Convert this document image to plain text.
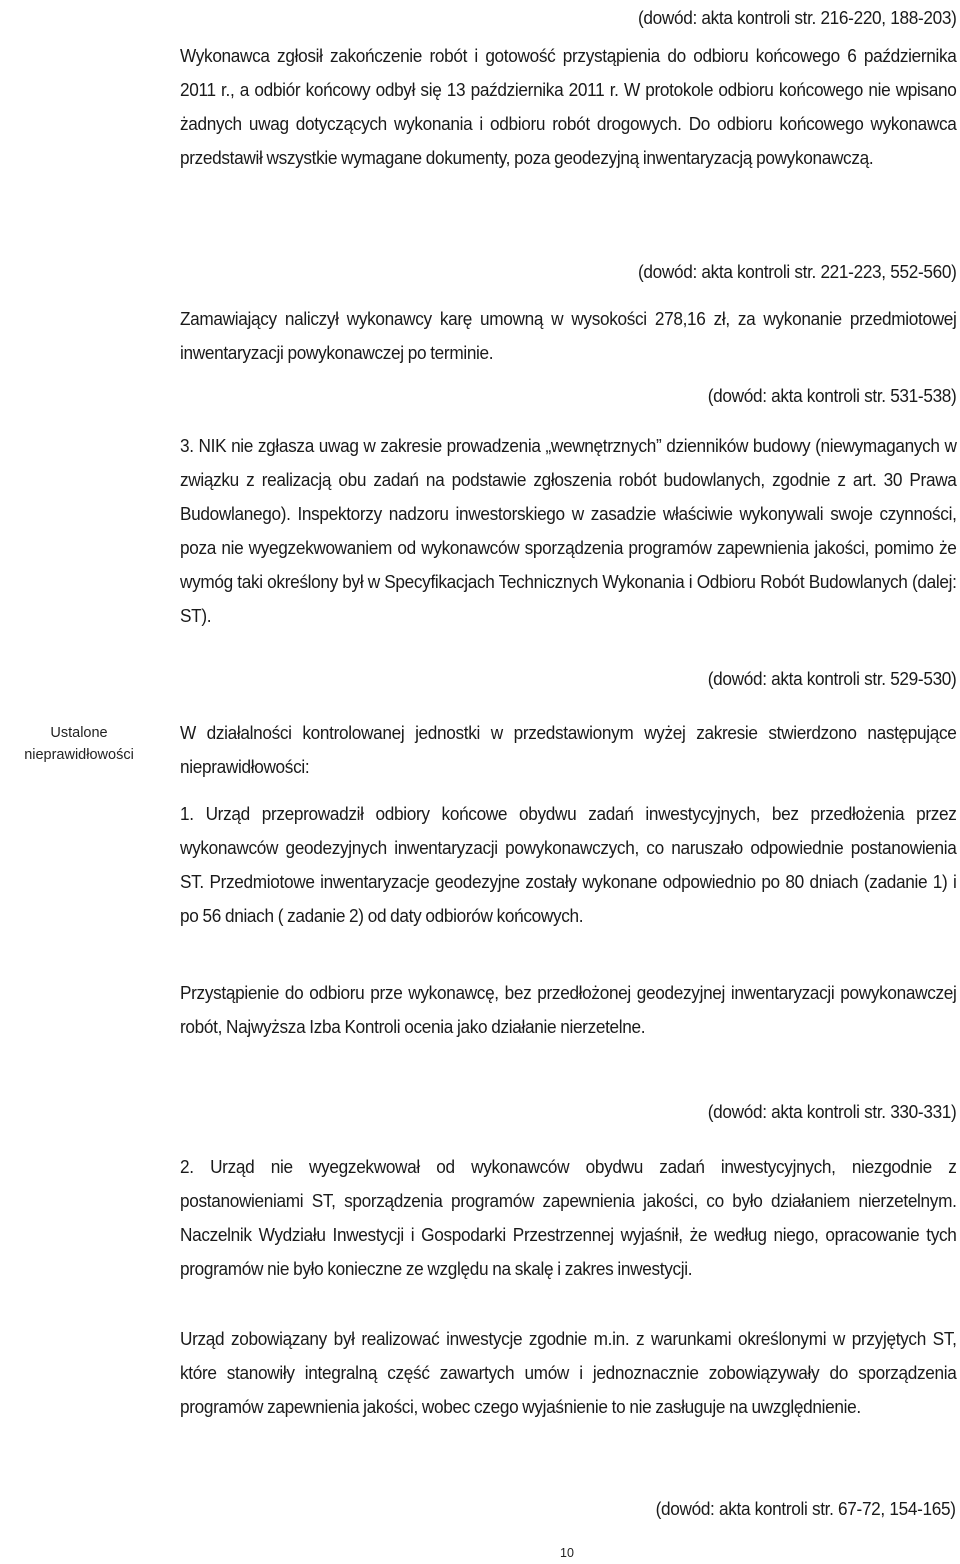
Ustalone
nieprawidłowości
(dowód: akta kontroli str. 216-220, 188-203)

Wykonawca zgłosił zakończenie robót i gotowość przystąpienia do odbioru końcowego 6 października 2011 r., a odbiór końcowy odbył się 13 października 2011 r. W protokole odbioru końcowego nie wpisano żadnych uwag dotyczących wykonania i odbioru robót drogowych. Do odbioru końcowego wykonawca przedstawił wszystkie wymagane dokumenty, poza geodezyjną inwentaryzacją powykonawczą.

(dowód: akta kontroli str. 221-223, 552-560)

Zamawiający naliczył wykonawcy karę umowną w wysokości 278,16 zł, za wykonanie przedmiotowej inwentaryzacji powykonawczej po terminie.

(dowód: akta kontroli str. 531-538)

3. NIK nie zgłasza uwag w zakresie prowadzenia „wewnętrznych” dzienników budowy (niewymaganych w związku z realizacją obu zadań na podstawie zgłoszenia robót budowlanych, zgodnie z art. 30 Prawa Budowlanego). Inspektorzy nadzoru inwestorskiego w zasadzie właściwie wykonywali swoje czynności, poza nie wyegzekwowaniem od wykonawców sporządzenia programów zapewnienia jakości, pomimo że wymóg taki określony był w Specyfikacjach Technicznych Wykonania i Odbioru Robót Budowlanych (dalej: ST).

(dowód: akta kontroli str. 529-530)

W działalności kontrolowanej jednostki w przedstawionym wyżej zakresie stwierdzono następujące nieprawidłowości:

1. Urząd przeprowadził odbiory końcowe obydwu zadań inwestycyjnych, bez przedłożenia przez wykonawców geodezyjnych inwentaryzacji powykonawczych, co naruszało odpowiednie postanowienia ST. Przedmiotowe inwentaryzacje geodezyjne zostały wykonane odpowiednio po 80 dniach (zadanie 1) i po 56 dniach ( zadanie 2) od daty odbiorów końcowych.

Przystąpienie do odbioru prze wykonawcę, bez przedłożonej geodezyjnej inwentaryzacji powykonawczej robót, Najwyższa Izba Kontroli ocenia jako działanie nierzetelne.

(dowód: akta kontroli str. 330-331)

2. Urząd nie wyegzekwował od wykonawców obydwu zadań inwestycyjnych, niezgodnie z postanowieniami ST, sporządzenia programów zapewnienia jakości, co było działaniem nierzetelnym. Naczelnik Wydziału Inwestycji i Gospodarki Przestrzennej wyjaśnił, że według niego, opracowanie tych programów nie było konieczne ze względu na skalę i zakres inwestycji.

Urząd zobowiązany był realizować inwestycje zgodnie m.in. z warunkami określonymi w przyjętych ST, które stanowiły integralną część zawartych umów i jednoznacznie zobowiązywały do sporządzenia programów zapewnienia jakości, wobec czego wyjaśnienie to nie zasługuje na uwzględnienie.

(dowód: akta kontroli str. 67-72, 154-165)
10
